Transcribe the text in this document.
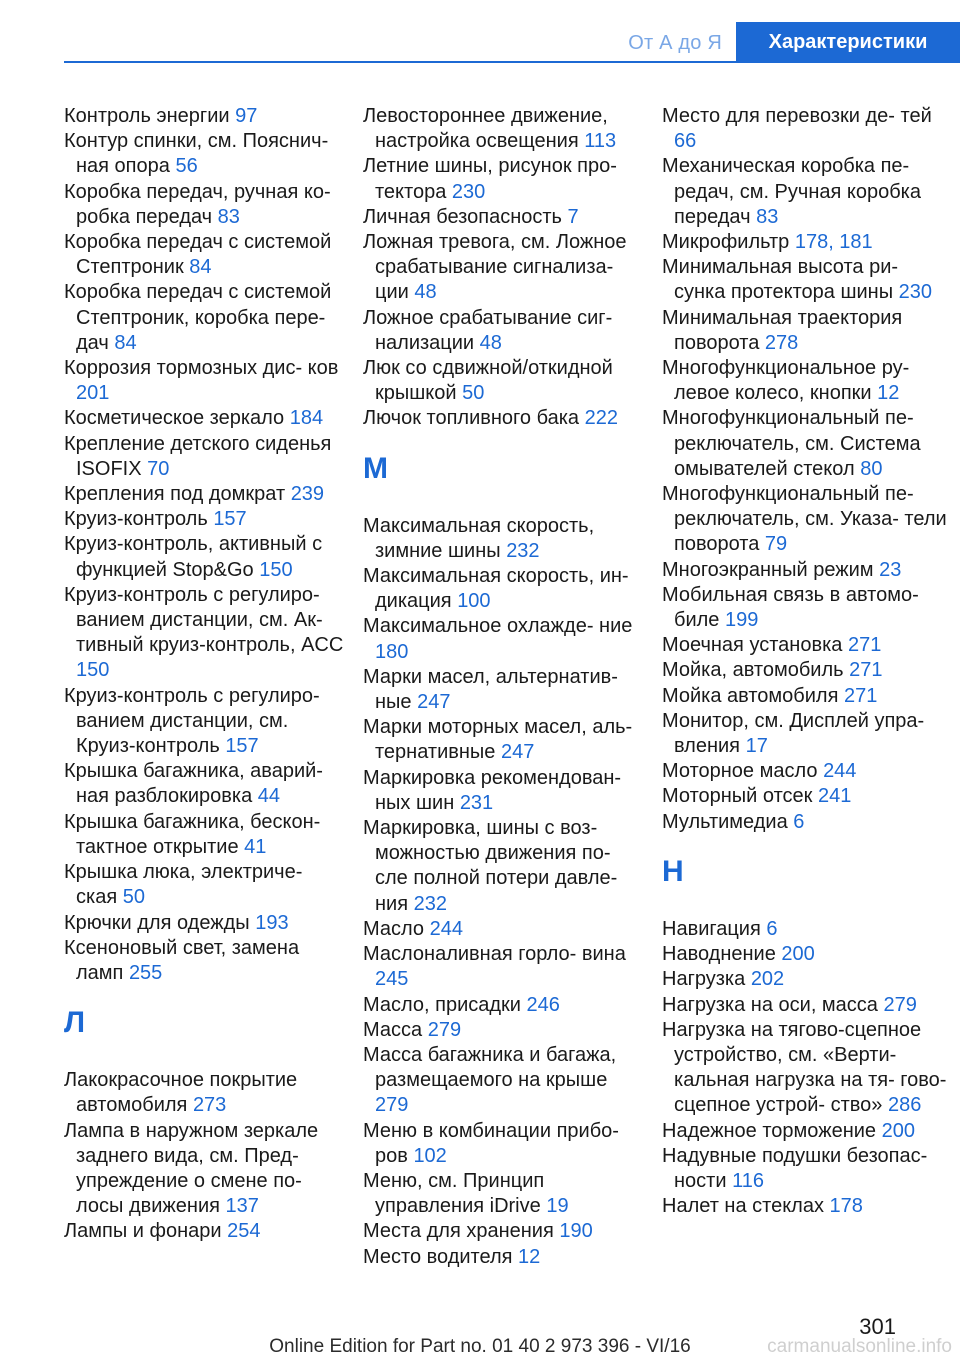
От А до Я	Характеристики
Контроль энергии 97
Контур спинки, см. Пояснич- ная опора 56
Коробка передач, ручная ко- робка передач 83
Коробка передач с системой Стептроник 84
Коробка передач с системой Стептроник, коробка пере- дач 84
Коррозия тормозных дис- ков 201
Косметическое зеркало 184
Крепление детского сиденья ISOFIX 70
Крепления под домкрат 239
Круиз-контроль 157
Круиз-контроль, активный с функцией Stop&Go 150
Круиз-контроль с регулиро- ванием дистанции, см. Ак- тивный круиз-контроль, ACC 150
Круиз-контроль с регулиро- ванием дистанции, см. Круиз-контроль 157
Крышка багажника, аварий- ная разблокировка 44
Крышка багажника, бескон- тактное открытие 41
Крышка люка, электриче- ская 50
Крючки для одежды 193
Ксеноновый свет, замена ламп 255
Л
Лакокрасочное покрытие автомобиля 273
Лампа в наружном зеркале заднего вида, см. Пред- упреждение о смене по- лосы движения 137
Лампы и фонари 254
Левостороннее движение, настройка освещения 113
Летние шины, рисунок про- тектора 230
Личная безопасность 7
Ложная тревога, см. Ложное срабатывание сигнализа- ции 48
Ложное срабатывание сиг- нализации 48
Люк со сдвижной/откидной крышкой 50
Лючок топливного бака 222
М
Максимальная скорость, зимние шины 232
Максимальная скорость, ин- дикация 100
Максимальное охлажде- ние 180
Марки масел, альтернатив- ные 247
Марки моторных масел, аль- тернативные 247
Маркировка рекомендован- ных шин 231
Маркировка, шины с воз- можностью движения по- сле полной потери давле- ния 232
Масло 244
Маслоналивная горло- вина 245
Масло, присадки 246
Масса 279
Масса багажника и багажа, размещаемого на крыше 279
Меню в комбинации прибо- ров 102
Меню, см. Принцип управления iDrive 19
Места для хранения 190
Место водителя 12
Место для перевозки де- тей 66
Механическая коробка пе- редач, см. Ручная коробка передач 83
Микрофильтр 178, 181
Минимальная высота ри- сунка протектора шины 230
Минимальная траектория поворота 278
Многофункциональное ру- левое колесо, кнопки 12
Многофункциональный пе- реключатель, см. Система омывателей стекол 80
Многофункциональный пе- реключатель, см. Указа- тели поворота 79
Многоэкранный режим 23
Мобильная связь в автомо- биле 199
Моечная установка 271
Мойка, автомобиль 271
Мойка автомобиля 271
Монитор, см. Дисплей упра- вления 17
Моторное масло 244
Моторный отсек 241
Мультимедиа 6
Н
Навигация 6
Наводнение 200
Нагрузка 202
Нагрузка на оси, масса 279
Нагрузка на тягово-сцепное устройство, см. «Верти- кальная нагрузка на тя- гово-сцепное устрой- ство» 286
Надежное торможение 200
Надувные подушки безопас- ности 116
Налет на стеклах 178
301
Online Edition for Part no. 01 40 2 973 396 - VI/16	carmanualsonline.info
